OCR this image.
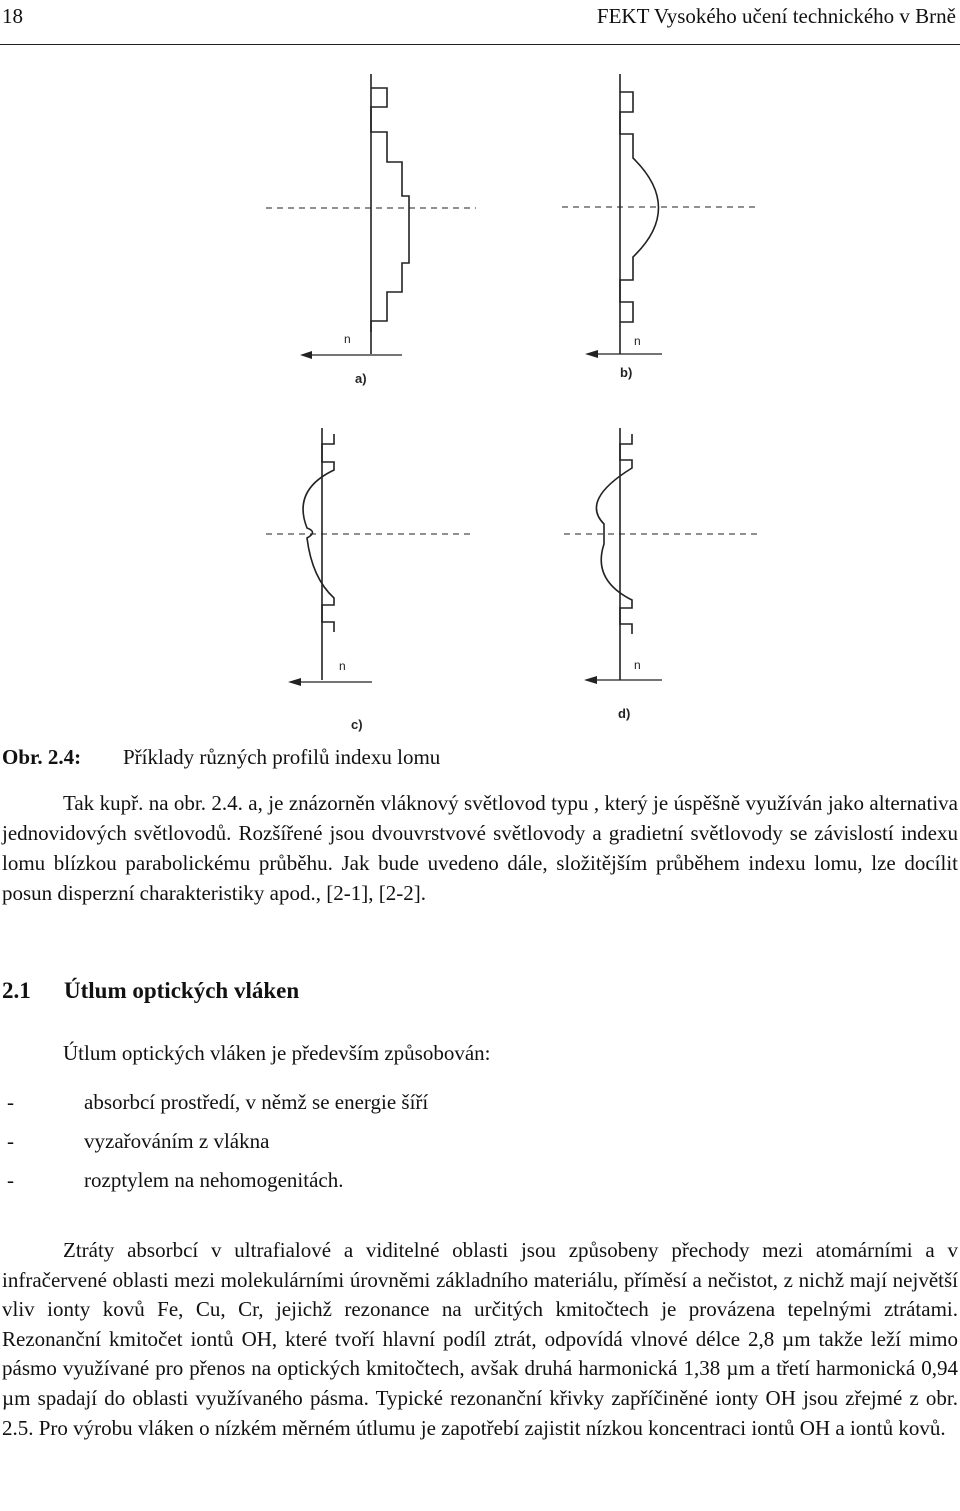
18	FEKT Vysokého učení technického v Brně
n
a)
n
b)
n
c)
n
d)
Obr. 2.4: Příklady různých profilů indexu lomu

Tak kupř. na obr. 2.4. a, je znázorněn vláknový světlovod typu , který je úspěšně využíván jako alternativa jednovidových světlovodů. Rozšířené jsou dvouvrstvové světlovody a gradietní světlovody se závislostí indexu lomu blízkou parabolickému průběhu. Jak bude uvedeno dále, složitějším průběhem indexu lomu, lze docílit posun disperzní charakteristiky apod., [2-1], [2-2].

2.1 Útlum optických vláken
Útlum optických vláken je především způsobován:
-	absorbcí prostředí, v němž se energie šíří
-	vyzařováním z vlákna
-	rozptylem na nehomogenitách.

Ztráty absorbcí v ultrafialové a viditelné oblasti jsou způsobeny přechody mezi atomárními a v infračervené oblasti mezi molekulárními úrovněmi základního materiálu, příměsí a nečistot, z nichž mají největší vliv ionty kovů Fe, Cu, Cr, jejichž rezonance na určitých kmitočtech je provázena tepelnými ztrátami. Rezonanční kmitočet iontů OH, které tvoří hlavní podíl ztrát, odpovídá vlnové délce 2,8 µm takže leží mimo pásmo využívané pro přenos na optických kmitočtech, avšak druhá harmonická 1,38 µm a třetí harmonická 0,94 µm spadají do oblasti využívaného pásma. Typické rezonanční křivky zapříčiněné ionty OH jsou zřejmé z obr. 2.5. Pro výrobu vláken o nízkém měrném útlumu je zapotřebí zajistit nízkou koncentraci iontů OH a iontů kovů.
